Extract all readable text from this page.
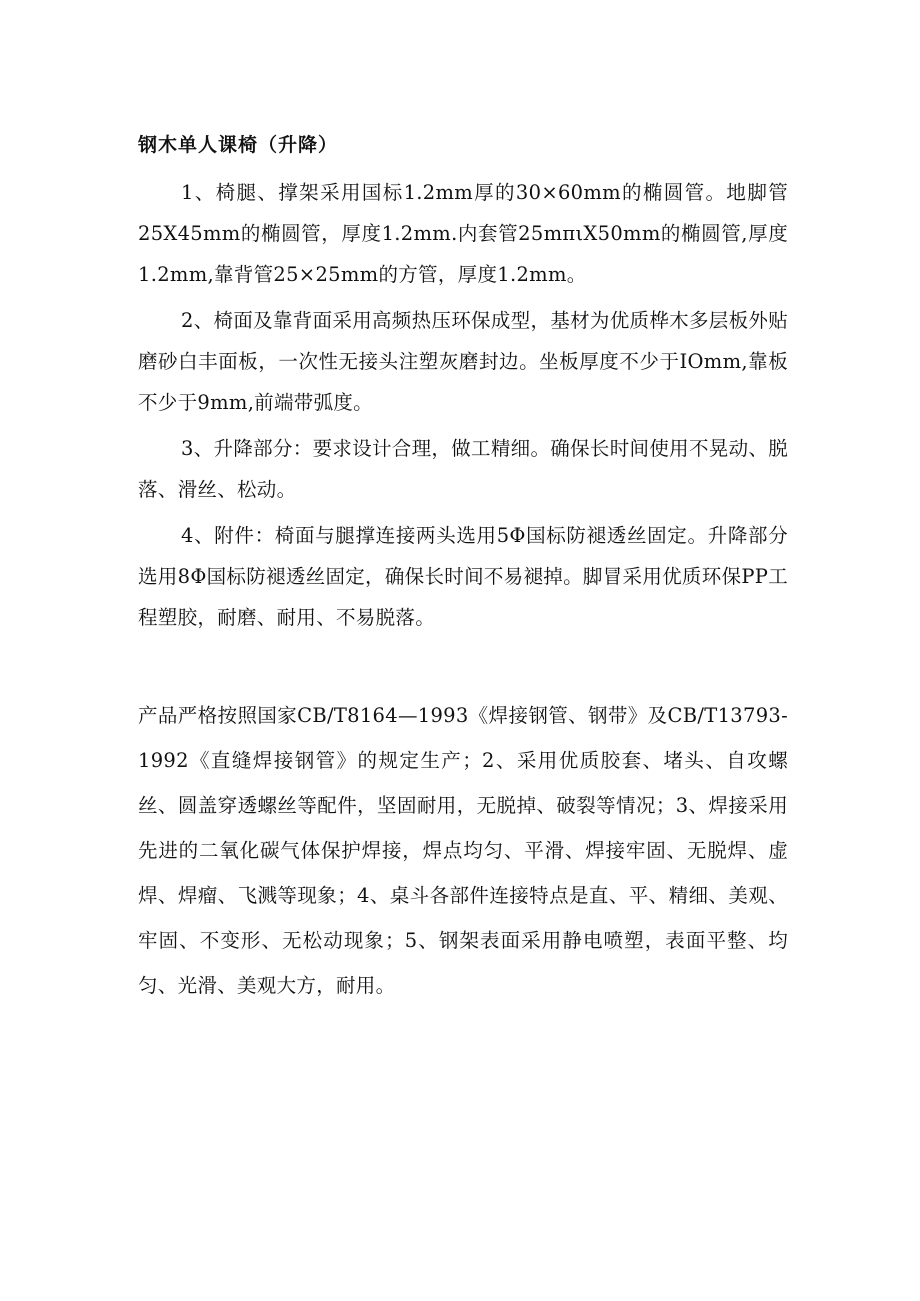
钢木单人课椅（升降）

1、椅腿、撑架采用国标1.2mm厚的30×60mm的椭圆管。地脚管25X45mm的椭圆管，厚度1.2mm.内套管25mπιX50mm的椭圆管,厚度1.2mm,靠背管25×25mm的方管，厚度1.2mm。

2、椅面及靠背面采用高频热压环保成型，基材为优质桦木多层板外贴磨砂白丰面板，一次性无接头注塑灰磨封边。坐板厚度不少于IOmm,靠板不少于9mm,前端带弧度。

3、升降部分：要求设计合理，做工精细。确保长时间使用不晃动、脱落、滑丝、松动。

4、附件：椅面与腿撑连接两头选用5Φ国标防褪透丝固定。升降部分选用8Φ国标防褪透丝固定，确保长时间不易褪掉。脚冒采用优质环保PP工程塑胶，耐磨、耐用、不易脱落。

产品严格按照国家CB/T8164—1993《焊接钢管、钢带》及CB/T13793-1992《直缝焊接钢管》的规定生产；2、采用优质胶套、堵头、自攻螺丝、圆盖穿透螺丝等配件，坚固耐用，无脱掉、破裂等情况；3、焊接采用先进的二氧化碳气体保护焊接，焊点均匀、平滑、焊接牢固、无脱焊、虚焊、焊瘤、飞溅等现象；4、桌斗各部件连接特点是直、平、精细、美观、牢固、不变形、无松动现象；5、钢架表面采用静电喷塑，表面平整、均匀、光滑、美观大方，耐用。
